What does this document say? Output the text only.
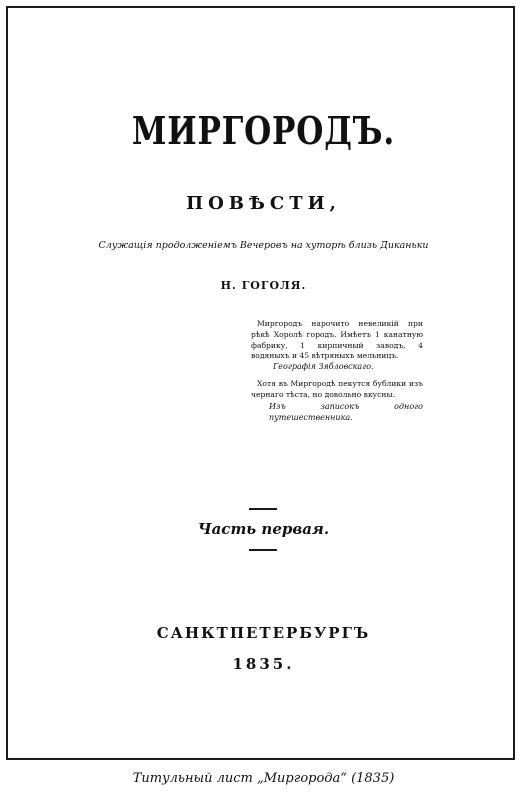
МИРГОРОДЪ.
ПОВѢСТИ,
Служащія продолженіемъ Вечеровъ на хуторѣ близь Диканьки
Н. ГОГОЛЯ.

Миргородъ нарочито невеликій при рѣкѣ Хоролѣ городъ. Имѣетъ 1 канатную фабрику, 1 кирпичный заводъ, 4 водяныхъ и 45 вѣтряныхъ мельницъ.

Географія Зябловскаго.

Хотя въ Миргородѣ пекутся бублики изъ чернаго тѣста, но довольно вкусны.

Изъ записокъ одного путешественника.

Часть первая.
САНКТПЕТЕРБУРГЪ
1835.
Титульный лист „Миргорода“ (1835)
